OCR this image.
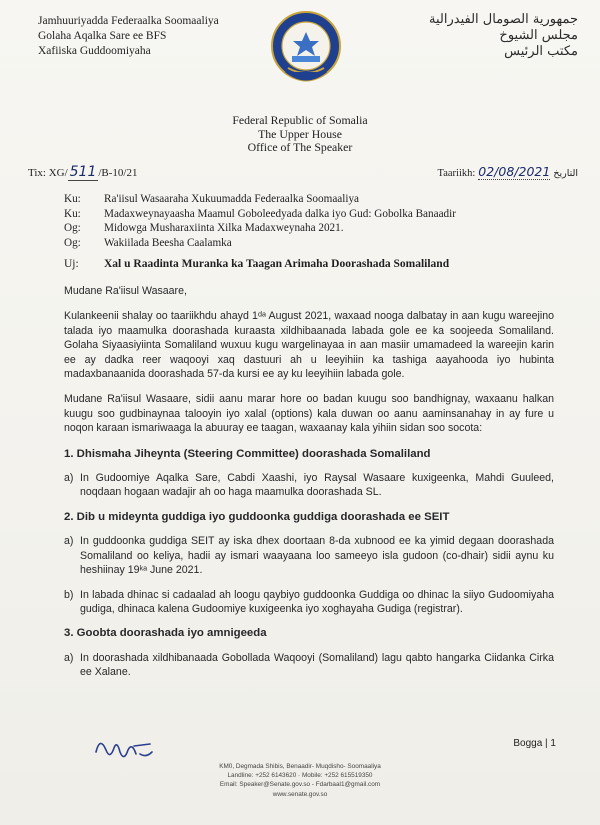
Jamhuuriyadda Federaalka Soomaaliya
Golaha Aqalka Sare ee BFS
Xafiiska Guddoomiyaha
جمهورية الصومال الفيدرالية
مجلس الشيوخ
مكتب الرئيس
Federal Republic of Somalia
The Upper House
Office of The Speaker
Tix: XG/ 511 /B-10/21	Taariikh: 02/08/2021 التاريخ
Ku:	Ra'iisul Wasaaraha Xukuumadda Federaalka Soomaaliya
Ku:	Madaxweynayaasha Maamul Goboleedyada dalka iyo Gud: Gobolka Banaadir
Og:	Midowga Musharaxiinta Xilka Madaxweynaha 2021.
Og:	Wakiilada Beesha Caalamka
Uj:	Xal u Raadinta Muranka ka Taagan Arimaha Doorashada Somaliland

Mudane Ra'iisul Wasaare,

Kulankeenii shalay oo taariikhdu ahayd 1ᵈᵃ August 2021, waxaad nooga dalbatay in aan kugu wareejino talada iyo maamulka doorashada kuraasta xildhibaanada labada gole ee ka soojeeda Somaliland. Golaha Siyaasiyiinta Somaliland wuxuu kugu wargelinayaa in aan masiir umamadeed la wareejin karin ee ay dadka reer waqooyi xaq dastuuri ah u leeyihiin ka tashiga aayahooda iyo hubinta madaxbanaanida doorashada 57-da kursi ee ay ku leeyihiin labada gole.

Mudane Ra'iisul Wasaare, sidii aanu marar hore oo badan kuugu soo bandhignay, waxaanu halkan kuugu soo gudbinaynaa talooyin iyo xalal (options) kala duwan oo aanu aaminsanahay in ay fure u noqon karaan ismariwaaga la abuuray ee taagan, waxaanay kala yihiin sidan soo socota:

1. Dhismaha Jiheynta (Steering Committee) doorashada Somaliland
a) In Gudoomiye Aqalka Sare, Cabdi Xaashi, iyo Raysal Wasaare kuxigeenka, Mahdi Guuleed, noqdaan hogaan wadajir ah oo haga maamulka doorashada SL.
2. Dib u mideynta guddiga iyo guddoonka guddiga doorashada ee SEIT
a) In guddoonka guddiga SEIT ay iska dhex doortaan 8-da xubnood ee ka yimid degaan doorashada Somaliland oo keliya, hadii ay ismari waayaana loo sameeyo isla gudoon (co-dhair) sidii aynu ku heshiinay 19ᵏᵃ June 2021.
b) In labada dhinac si cadaalad ah loogu qaybiyo guddoonka Guddiga oo dhinac la siiyo Gudoomiyaha gudiga, dhinaca kalena Gudoomiye kuxigeenka iyo xoghayaha Gudiga (registrar).
3. Goobta doorashada iyo amnigeeda
a) In doorashada xildhibanaada Gobollada Waqooyi (Somaliland) lagu qabto hangarka Ciidanka Cirka ee Xalane.
Bogga | 1
KM0, Degmada Shibis, Benaadir- Muqdisho- Soomaaliya
Landline: +252 6143620 · Mobile: +252 615519350
Email: Speaker@Senate.gov.so - Fdarbaal1@gmail.com
www.senate.gov.so
